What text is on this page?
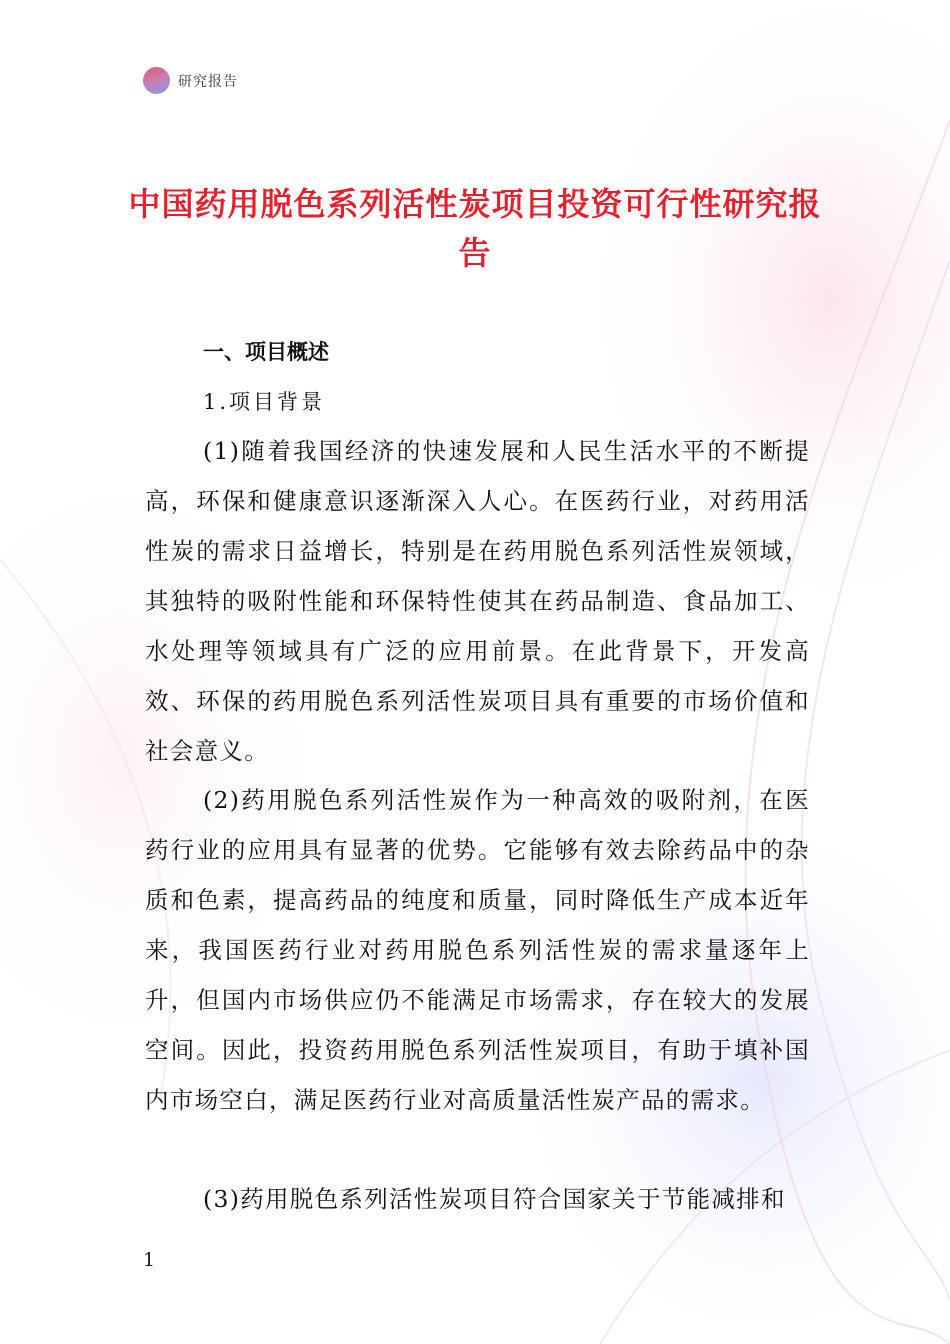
研究报告
中国药用脱色系列活性炭项目投资可行性研究报告
一、项目概述
1.项目背景

(1)随着我国经济的快速发展和人民生活水平的不断提高，环保和健康意识逐渐深入人心。在医药行业，对药用活性炭的需求日益增长，特别是在药用脱色系列活性炭领域，其独特的吸附性能和环保特性使其在药品制造、食品加工、水处理等领域具有广泛的应用前景。在此背景下，开发高效、环保的药用脱色系列活性炭项目具有重要的市场价值和社会意义。

(2)药用脱色系列活性炭作为一种高效的吸附剂，在医药行业的应用具有显著的优势。它能够有效去除药品中的杂质和色素，提高药品的纯度和质量，同时降低生产成本近年来，我国医药行业对药用脱色系列活性炭的需求量逐年上升，但国内市场供应仍不能满足市场需求，存在较大的发展空间。因此，投资药用脱色系列活性炭项目，有助于填补国内市场空白，满足医药行业对高质量活性炭产品的需求。

(3)药用脱色系列活性炭项目符合国家关于节能减排和

1
